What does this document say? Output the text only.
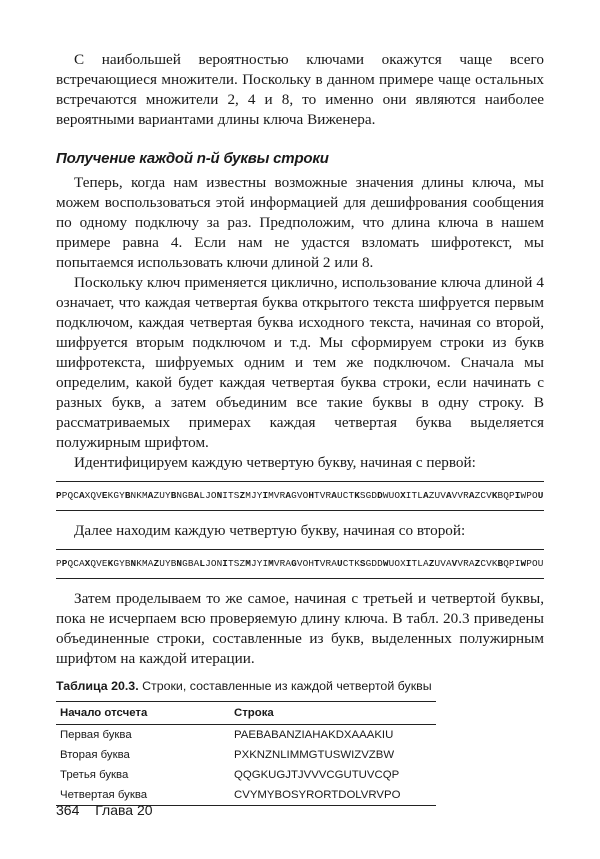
С наибольшей вероятностью ключами окажутся чаще всего встречающиеся множители. Поскольку в данном примере чаще остальных встречаются множители 2, 4 и 8, то именно они являются наиболее вероятными вариантами длины ключа Виженера.

Получение каждой n-й буквы строки

Теперь, когда нам известны возможные значения длины ключа, мы можем воспользоваться этой информацией для дешифрования сообщения по одному подключу за раз. Предположим, что длина ключа в нашем примере равна 4. Если нам не удастся взломать шифротекст, мы попытаемся использовать ключи длиной 2 или 8.

Поскольку ключ применяется циклично, использование ключа длиной 4 означает, что каждая четвертая буква открытого текста шифруется первым подключом, каждая четвертая буква исходного текста, начиная со второй, шифруется вторым подключом и т.д. Мы сформируем строки из букв шифротекста, шифруемых одним и тем же подключом. Сначала мы определим, какой будет каждая четвертая буква строки, если начинать с разных букв, а затем объединим все такие буквы в одну строку. В рассматриваемых примерах каждая четвертая буква выделяется полужирным шрифтом.

Идентифицируем каждую четвертую букву, начиная с первой:

PPQCAXQVEKGYBNKMAZUYBNGBALJONITSZMJYIMVRAGVOHTVRAUCTKSGDDWUOXITLAZUVAVVRAZCVKBQPIWPOU

Далее находим каждую четвертую букву, начиная со второй:

PPQCAXQVEKGYBNKMAZUYBNGBALJONITSZMJYIMVRAGVOHTVRAUCTKSGDDWUOXITLAZUVAVVRAZCVKBQPIWPOU

Затем проделываем то же самое, начиная с третьей и четвертой буквы, пока не исчерпаем всю проверяемую длину ключа. В табл. 20.3 приведены объединенные строки, составленные из букв, выделенных полужирным шрифтом на каждой итерации.

Таблица 20.3. Строки, составленные из каждой четвертой буквы
Начало отсчета	Строка
Первая буква	PAEBABANZIAHAKDXAAAKIU
Вторая буква	PXKNZNLIMMGTUSWIZVZBW
Третья буква	QQGKUGJTJVVVCGUTUVCQP
Четвертая буква	CVYMYBOSYRORTDOLVRVPO
364 Глава 20
